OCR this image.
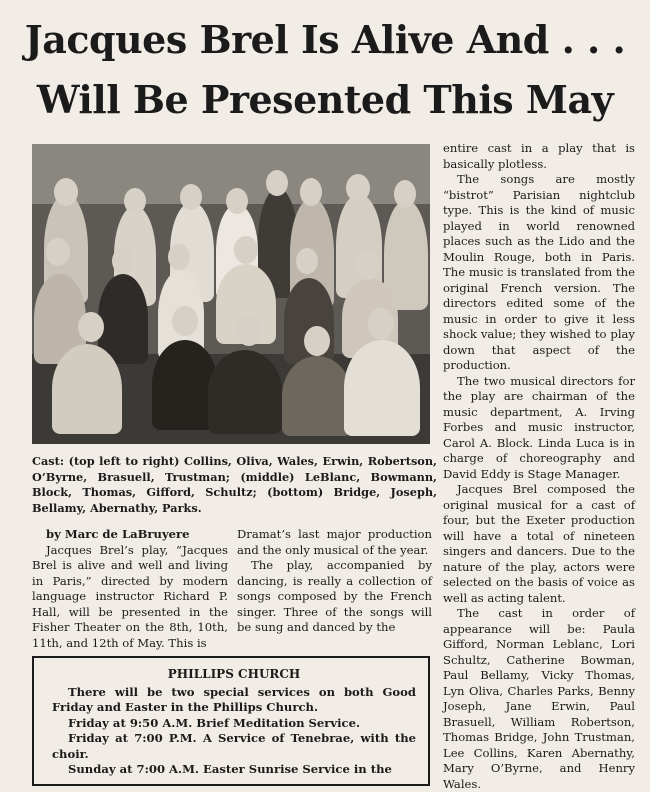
Jacques Brel Is Alive And . . .
Will Be Presented This May

Cast: (top left to right) Collins, Oliva, Wales, Erwin, Robertson, O’Byrne, Brasuell, Trustman; (middle) LeBlanc, Bowmann, Block, Thomas, Gifford, Schultz; (bottom) Bridge, Joseph, Bellamy, Abernathy, Parks.

by Marc de LaBruyere

Jacques Brel’s play, “Jacques Brel is alive and well and living in Paris,” directed by modern language instructor Richard P. Hall, will be presented in the Fisher Theater on the 8th, 10th, 11th, and 12th of May. This is

Dramat’s last major production and the only musical of the year.

The play, accompanied by dancing, is really a collection of songs composed by the French singer. Three of the songs will be sung and danced by the

entire cast in a play that is basically plotless.

The songs are mostly “bistrot” Parisian nightclub type. This is the kind of music played in world renowned places such as the Lido and the Moulin Rouge, both in Paris. The music is translated from the original French version. The directors edited some of the music in order to give it less shock value; they wished to play down that aspect of the production.

The two musical directors for the play are chairman of the music department, A. Irving Forbes and music instructor, Carol A. Block. Linda Luca is in charge of choreography and David Eddy is Stage Manager.

Jacques Brel composed the original musical for a cast of four, but the Exeter production will have a total of nineteen singers and dancers. Due to the nature of the play, actors were selected on the basis of voice as well as acting talent.

The cast in order of appearance will be: Paula Gifford, Norman Leblanc, Lori Schultz, Catherine Bowman, Paul Bellamy, Vicky Thomas, Lyn Oliva, Charles Parks, Benny Joseph, Jane Erwin, Paul Brasuell, William Robertson, Thomas Bridge, John Trustman, Lee Collins, Karen Abernathy, Mary O’Byrne, and Henry Wales.

PHILLIPS CHURCH

There will be two special services on both Good Friday and Easter in the Phillips Church.

Friday at 9:50 A.M. Brief Meditation Service.

Friday at 7:00 P.M. A Service of Tenebrae, with the choir.

Sunday at 7:00 A.M. Easter Sunrise Service in the
